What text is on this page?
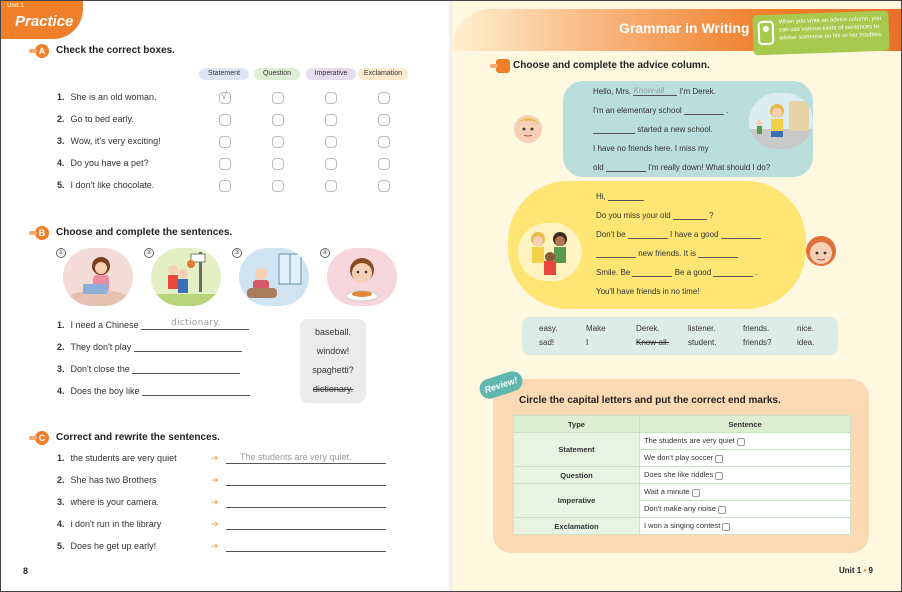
Unit 1
Practice
A	Check the correct boxes.
Statement	Question	Imperative	Exclamation
1. She is an old woman.	√
2. Go to bed early.
3. Wow, it's very exciting!
4. Do you have a pet?
5. I don't like chocolate.
B	Choose and complete the sentences.
①	②	③	④
1. I need a Chinese	dictionary.
2. They don't play
3. Don't close the
4. Does the boy like
baseball.
window!
spaghetti?
dictionary.
C	Correct and rewrite the sentences.
1. the students are very quiet	➔ The students are very quiet.
2. She has two Brothers	➔
3. where is your camera.	➔
4. i don't run in the library	➔
5. Does he get up early!	➔
8
Grammar in Writing	When you write an advice column, you can use various kinds of sentences to advise someone on his or her troubles.
Choose and complete the advice column.
Hello, Mrs. Know-all I'm Derek.
I'm an elementary school	.
started a new school.
I have no friends here. I miss my
old	I'm really down! What should I do?
Hi,
Do you miss your old	?
Don't be	I have a good
new friends. It is
Smile. Be	Be a good	.
You'll have friends in no time!
easy.	Make	Derek.	listener.	friends.	nice.
sad!	I	Know-all. student.	friends?	idea.
Review!
Circle the capital letters and put the correct end marks.
Type	Sentence
Statement	The students are very quiet
	We don't play soccer
Question	Does she like riddles
Imperative	Wait a minute
	Don't make any noise
Exclamation	I won a singing contest
Unit 1 • 9
